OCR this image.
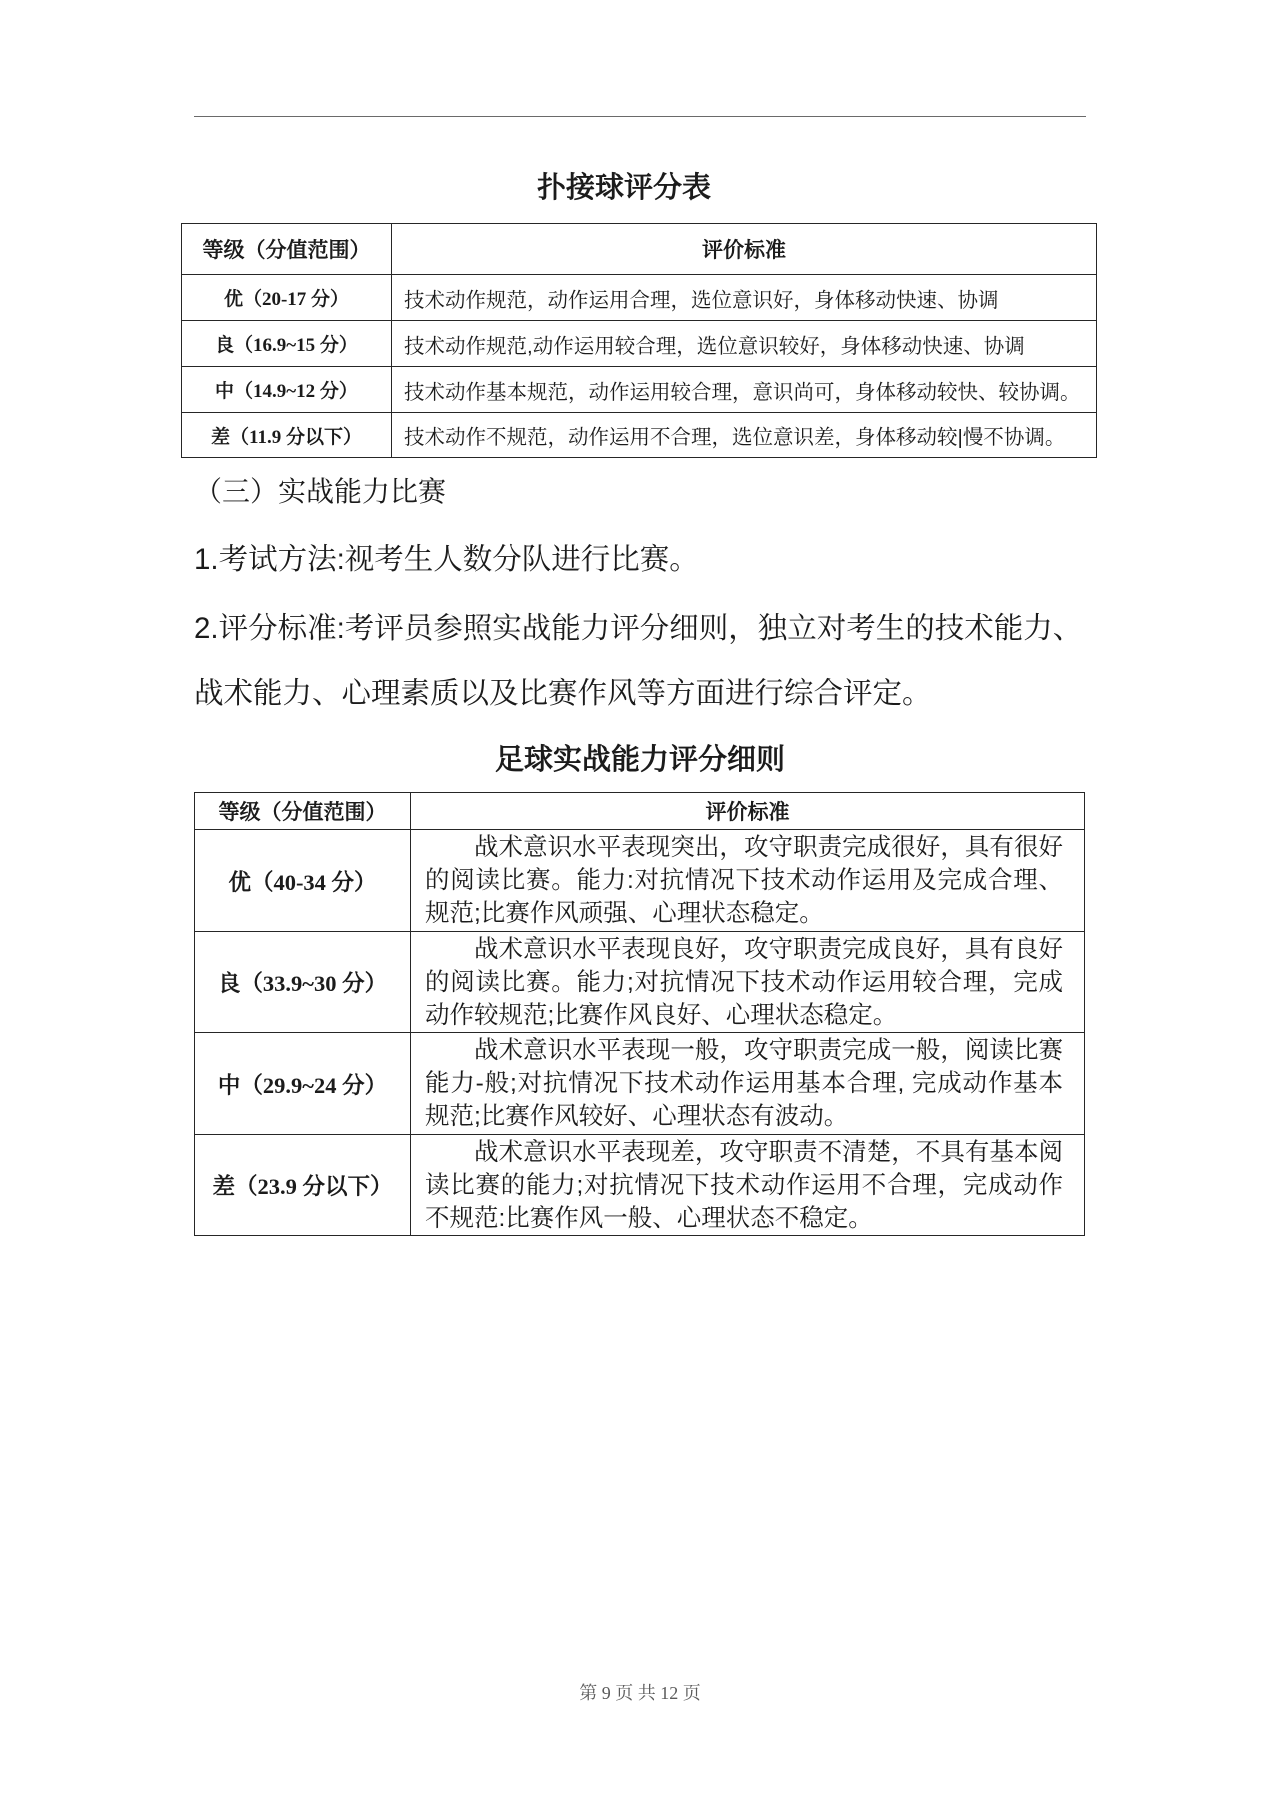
扑接球评分表
等级（分值范围）	评价标准
优（20-17 分）	技术动作规范，动作运用合理，选位意识好，身体移动快速、协调
良（16.9~15 分）	技术动作规范,动作运用较合理，选位意识较好，身体移动快速、协调
中（14.9~12 分）	技术动作基本规范，动作运用较合理，意识尚可，身体移动较快、较协调。
差（11.9 分以下）	技术动作不规范，动作运用不合理，选位意识差，身体移动较|慢不协调。
（三）实战能力比赛
1.考试方法:视考生人数分队进行比赛。
2.评分标准:考评员参照实战能力评分细则，独立对考生的技术能力、战术能力、心理素质以及比赛作风等方面进行综合评定。
足球实战能力评分细则
等级（分值范围）	评价标准
优（40-34 分）	战术意识水平表现突出，攻守职责完成很好，具有很好的阅读比赛。能力:对抗情况下技术动作运用及完成合理、规范;比赛作风顽强、心理状态稳定。
良（33.9~30 分）	战术意识水平表现良好，攻守职责完成良好，具有良好的阅读比赛。能力;对抗情况下技术动作运用较合理，完成动作较规范;比赛作风良好、心理状态稳定。
中（29.9~24 分）	战术意识水平表现一般，攻守职责完成一般，阅读比赛能力-般;对抗情况下技术动作运用基本合理, 完成动作基本规范;比赛作风较好、心理状态有波动。
差（23.9 分以下）	战术意识水平表现差，攻守职责不清楚，不具有基本阅读比赛的能力;对抗情况下技术动作运用不合理，完成动作不规范:比赛作风一般、心理状态不稳定。
第 9 页 共 12 页
